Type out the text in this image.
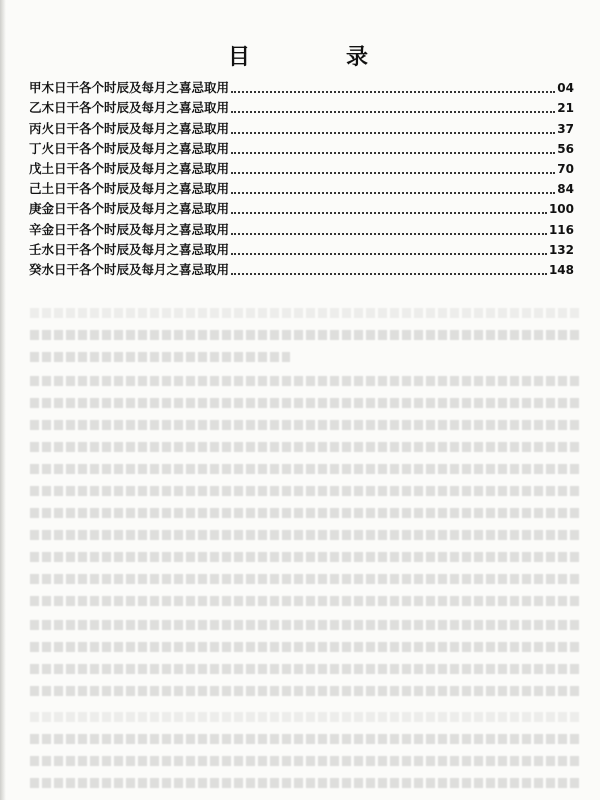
目	录
甲木日干各个时辰及每月之喜忌取用	04
乙木日干各个时辰及每月之喜忌取用	21
丙火日干各个时辰及每月之喜忌取用	37
丁火日干各个时辰及每月之喜忌取用	56
戊土日干各个时辰及每月之喜忌取用	70
己土日干各个时辰及每月之喜忌取用	84
庚金日干各个时辰及每月之喜忌取用	100
辛金日干各个时辰及每月之喜忌取用	116
壬水日干各个时辰及每月之喜忌取用	132
癸水日干各个时辰及每月之喜忌取用	148
